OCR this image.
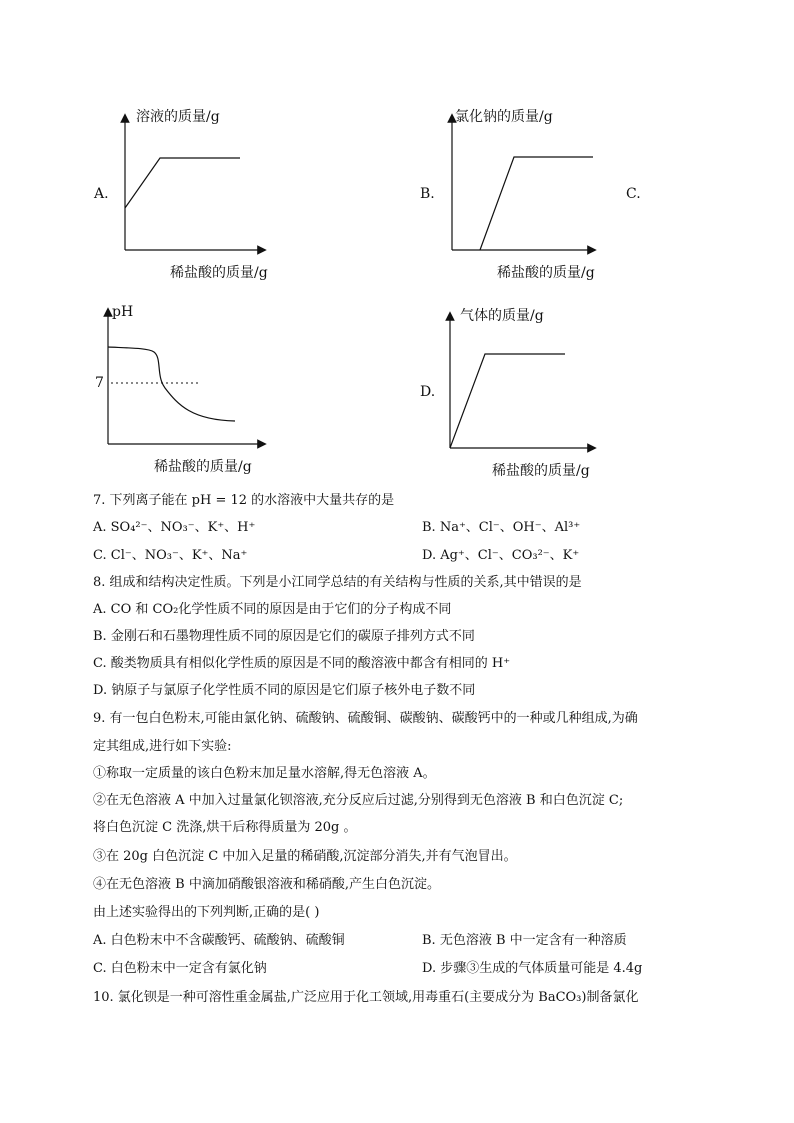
溶液的质量/g
A.
稀盐酸的质量/g
氯化钠的质量/g
B.
稀盐酸的质量/g
C.
pH
7
稀盐酸的质量/g
气体的质量/g
D.
稀盐酸的质量/g
7. 下列离子能在 pH = 12 的水溶液中大量共存的是
A. SO₄²⁻、NO₃⁻、K⁺、H⁺	B. Na⁺、Cl⁻、OH⁻、Al³⁺
C. Cl⁻、NO₃⁻、K⁺、Na⁺	D. Ag⁺、Cl⁻、CO₃²⁻、K⁺
8. 组成和结构决定性质。下列是小江同学总结的有关结构与性质的关系,其中错误的是
A. CO 和 CO₂化学性质不同的原因是由于它们的分子构成不同
B. 金刚石和石墨物理性质不同的原因是它们的碳原子排列方式不同
C. 酸类物质具有相似化学性质的原因是不同的酸溶液中都含有相同的 H⁺
D. 钠原子与氯原子化学性质不同的原因是它们原子核外电子数不同
9. 有一包白色粉末,可能由氯化钠、硫酸钠、硫酸铜、碳酸钠、碳酸钙中的一种或几种组成,为确
定其组成,进行如下实验:
①称取一定质量的该白色粉末加足量水溶解,得无色溶液 A。
②在无色溶液 A 中加入过量氯化钡溶液,充分反应后过滤,分别得到无色溶液 B 和白色沉淀 C;
将白色沉淀 C 洗涤,烘干后称得质量为 20g 。
③在 20g 白色沉淀 C 中加入足量的稀硝酸,沉淀部分消失,并有气泡冒出。
④在无色溶液 B 中滴加硝酸银溶液和稀硝酸,产生白色沉淀。
由上述实验得出的下列判断,正确的是( )
A. 白色粉末中不含碳酸钙、硫酸钠、硫酸铜	B. 无色溶液 B 中一定含有一种溶质
C. 白色粉末中一定含有氯化钠	D. 步骤③生成的气体质量可能是 4.4g
10. 氯化钡是一种可溶性重金属盐,广泛应用于化工领域,用毒重石(主要成分为 BaCO₃)制备氯化
